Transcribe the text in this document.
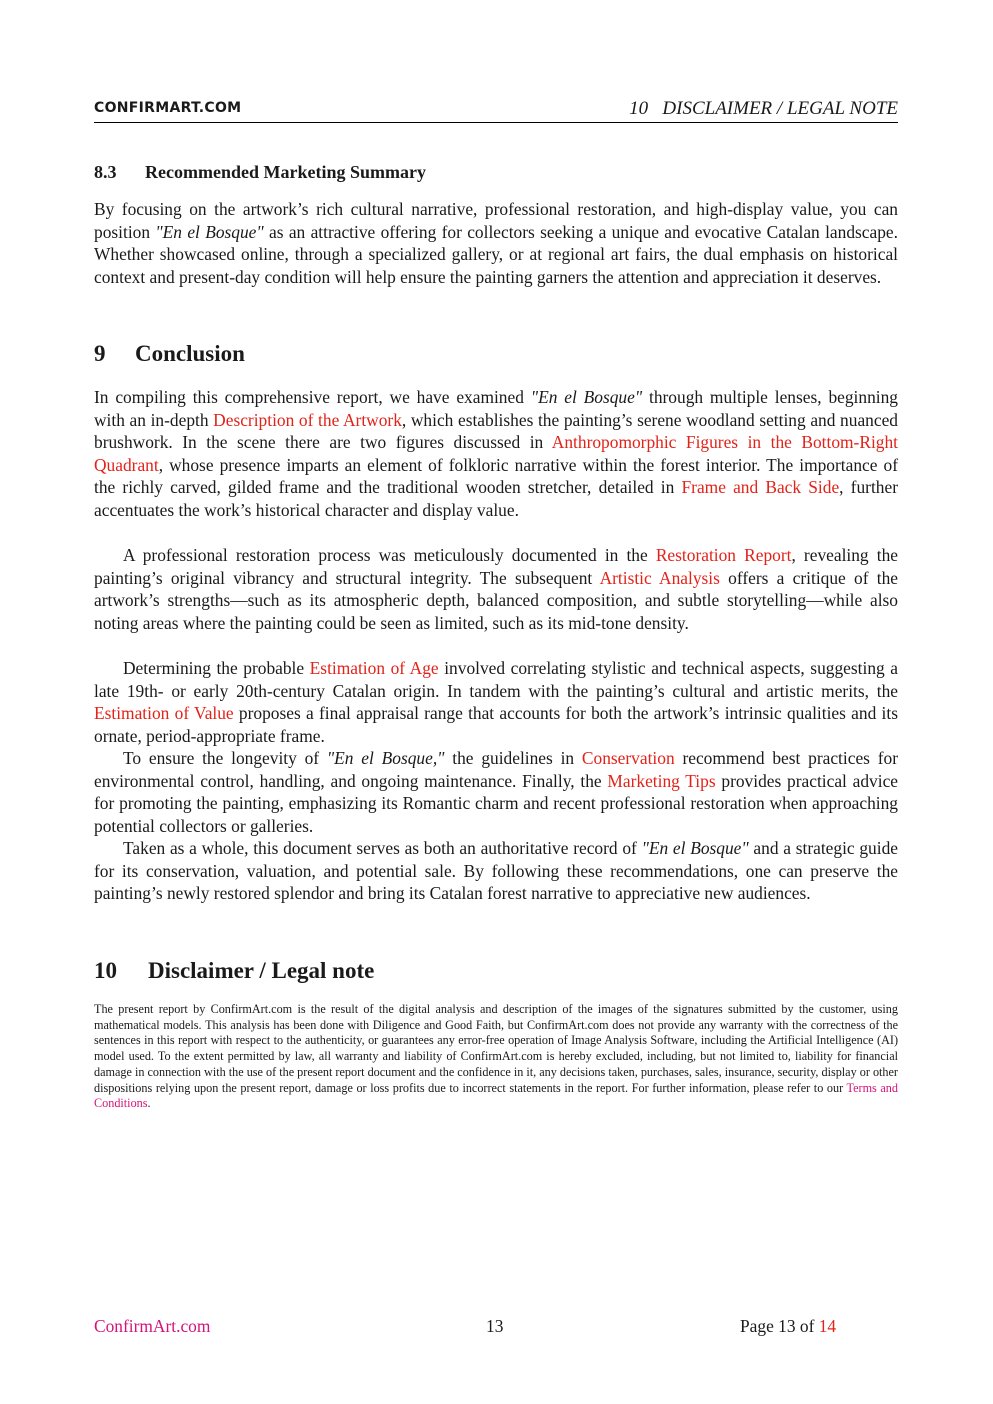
CONFIRMART.COM	10   DISCLAIMER / LEGAL NOTE
8.3 Recommended Marketing Summary

By focusing on the artwork’s rich cultural narrative, professional restoration, and high-display value, you can position "En el Bosque" as an attractive offering for collectors seeking a unique and evocative Catalan landscape. Whether showcased online, through a specialized gallery, or at regional art fairs, the dual emphasis on historical context and present-day condition will help ensure the painting garners the attention and appreciation it deserves.

9 Conclusion

In compiling this comprehensive report, we have examined "En el Bosque" through multiple lenses, beginning with an in-depth Description of the Artwork, which establishes the painting’s serene woodland setting and nuanced brushwork. In the scene there are two figures discussed in Anthropomorphic Figures in the Bottom-Right Quadrant, whose presence imparts an element of folkloric narrative within the forest interior. The importance of the richly carved, gilded frame and the traditional wooden stretcher, detailed in Frame and Back Side, further accentuates the work’s historical character and display value.

A professional restoration process was meticulously documented in the Restoration Report, revealing the painting’s original vibrancy and structural integrity. The subsequent Artistic Analysis offers a critique of the artwork’s strengths—such as its atmospheric depth, balanced composition, and subtle storytelling—while also noting areas where the painting could be seen as limited, such as its mid-tone density.

Determining the probable Estimation of Age involved correlating stylistic and technical aspects, suggesting a late 19th- or early 20th-century Catalan origin. In tandem with the painting’s cultural and artistic merits, the Estimation of Value proposes a final appraisal range that accounts for both the artwork’s intrinsic qualities and its ornate, period-appropriate frame.

To ensure the longevity of "En el Bosque," the guidelines in Conservation recommend best practices for environmental control, handling, and ongoing maintenance. Finally, the Marketing Tips provides practical advice for promoting the painting, emphasizing its Romantic charm and recent professional restoration when approaching potential collectors or galleries.

Taken as a whole, this document serves as both an authoritative record of "En el Bosque" and a strategic guide for its conservation, valuation, and potential sale. By following these recommendations, one can preserve the painting’s newly restored splendor and bring its Catalan forest narrative to appreciative new audiences.

10 Disclaimer / Legal note

The present report by ConfirmArt.com is the result of the digital analysis and description of the images of the signatures submitted by the customer, using mathematical models. This analysis has been done with Diligence and Good Faith, but ConfirmArt.com does not provide any warranty with the correctness of the sentences in this report with respect to the authenticity, or guarantees any error-free operation of Image Analysis Software, including the Artificial Intelligence (AI) model used. To the extent permitted by law, all warranty and liability of ConfirmArt.com is hereby excluded, including, but not limited to, liability for financial damage in connection with the use of the present report document and the confidence in it, any decisions taken, purchases, sales, insurance, security, display or other dispositions relying upon the present report, damage or loss profits due to incorrect statements in the report. For further information, please refer to our Terms and Conditions.

ConfirmArt.com	13	Page 13 of 14
